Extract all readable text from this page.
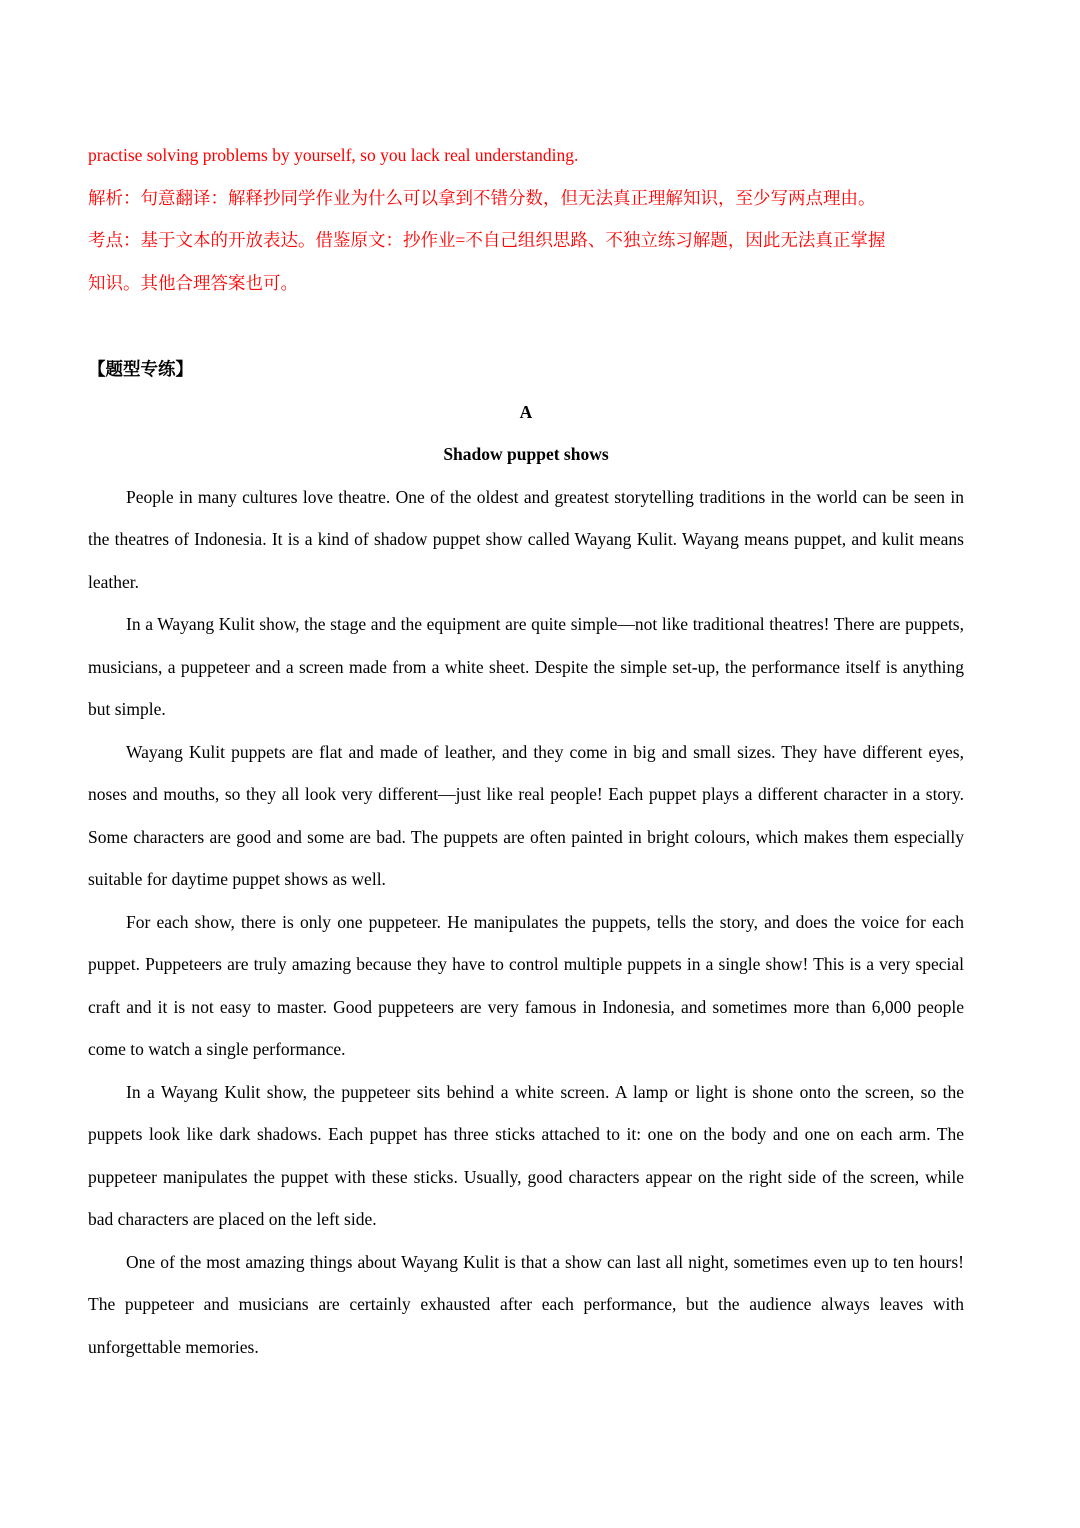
practise solving problems by yourself, so you lack real understanding.

解析：句意翻译：解释抄同学作业为什么可以拿到不错分数，但无法真正理解知识，至少写两点理由。

考点：基于文本的开放表达。借鉴原文：抄作业=不自己组织思路、不独立练习解题，因此无法真正掌握

知识。其他合理答案也可。

【题型专练】

A

Shadow puppet shows

People in many cultures love theatre. One of the oldest and greatest storytelling traditions in the world can be seen in the theatres of Indonesia. It is a kind of shadow puppet show called Wayang Kulit. Wayang means puppet, and kulit means leather.

In a Wayang Kulit show, the stage and the equipment are quite simple—not like traditional theatres! There are puppets, musicians, a puppeteer and a screen made from a white sheet. Despite the simple set-up, the performance itself is anything but simple.

Wayang Kulit puppets are flat and made of leather, and they come in big and small sizes. They have different eyes, noses and mouths, so they all look very different—just like real people! Each puppet plays a different character in a story. Some characters are good and some are bad. The puppets are often painted in bright colours, which makes them especially suitable for daytime puppet shows as well.

For each show, there is only one puppeteer. He manipulates the puppets, tells the story, and does the voice for each puppet. Puppeteers are truly amazing because they have to control multiple puppets in a single show! This is a very special craft and it is not easy to master. Good puppeteers are very famous in Indonesia, and sometimes more than 6,000 people come to watch a single performance.

In a Wayang Kulit show, the puppeteer sits behind a white screen. A lamp or light is shone onto the screen, so the puppets look like dark shadows. Each puppet has three sticks attached to it: one on the body and one on each arm. The puppeteer manipulates the puppet with these sticks. Usually, good characters appear on the right side of the screen, while bad characters are placed on the left side.

One of the most amazing things about Wayang Kulit is that a show can last all night, sometimes even up to ten hours! The puppeteer and musicians are certainly exhausted after each performance, but the audience always leaves with unforgettable memories.
